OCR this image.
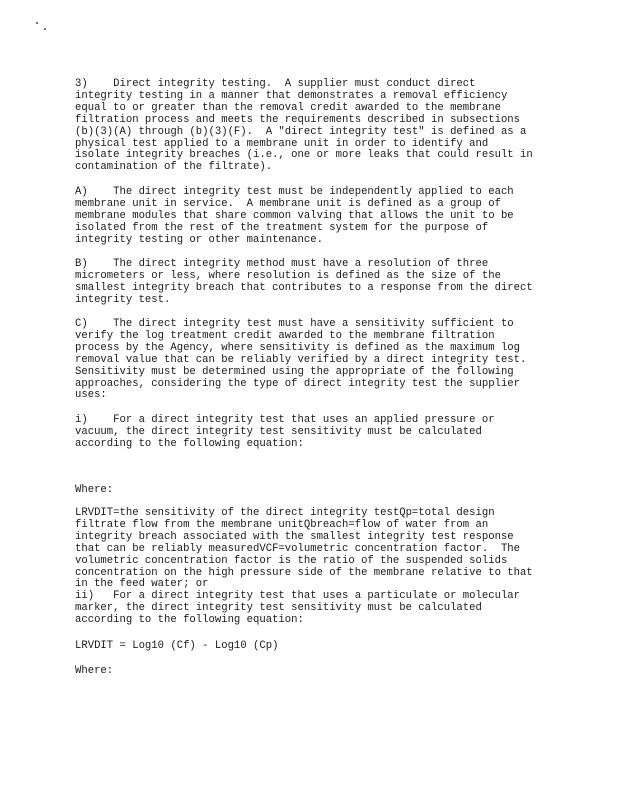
3)    Direct integrity testing.  A supplier must conduct direct
integrity testing in a manner that demonstrates a removal efficiency
equal to or greater than the removal credit awarded to the membrane
filtration process and meets the requirements described in subsections
(b)(3)(A) through (b)(3)(F).  A "direct integrity test" is defined as a
physical test applied to a membrane unit in order to identify and
isolate integrity breaches (i.e., one or more leaks that could result in
contamination of the filtrate).
A)    The direct integrity test must be independently applied to each
membrane unit in service.  A membrane unit is defined as a group of
membrane modules that share common valving that allows the unit to be
isolated from the rest of the treatment system for the purpose of
integrity testing or other maintenance.
B)    The direct integrity method must have a resolution of three
micrometers or less, where resolution is defined as the size of the
smallest integrity breach that contributes to a response from the direct
integrity test.
C)    The direct integrity test must have a sensitivity sufficient to
verify the log treatment credit awarded to the membrane filtration
process by the Agency, where sensitivity is defined as the maximum log
removal value that can be reliably verified by a direct integrity test.
Sensitivity must be determined using the appropriate of the following
approaches, considering the type of direct integrity test the supplier
uses:
i)    For a direct integrity test that uses an applied pressure or
vacuum, the direct integrity test sensitivity must be calculated
according to the following equation:
Where:
LRVDIT=the sensitivity of the direct integrity testQp=total design
filtrate flow from the membrane unitQbreach=flow of water from an
integrity breach associated with the smallest integrity test response
that can be reliably measuredVCF=volumetric concentration factor.  The
volumetric concentration factor is the ratio of the suspended solids
concentration on the high pressure side of the membrane relative to that
in the feed water; or
ii)   For a direct integrity test that uses a particulate or molecular
marker, the direct integrity test sensitivity must be calculated
according to the following equation:
LRVDIT = Log10 (Cf) - Log10 (Cp)
Where:
